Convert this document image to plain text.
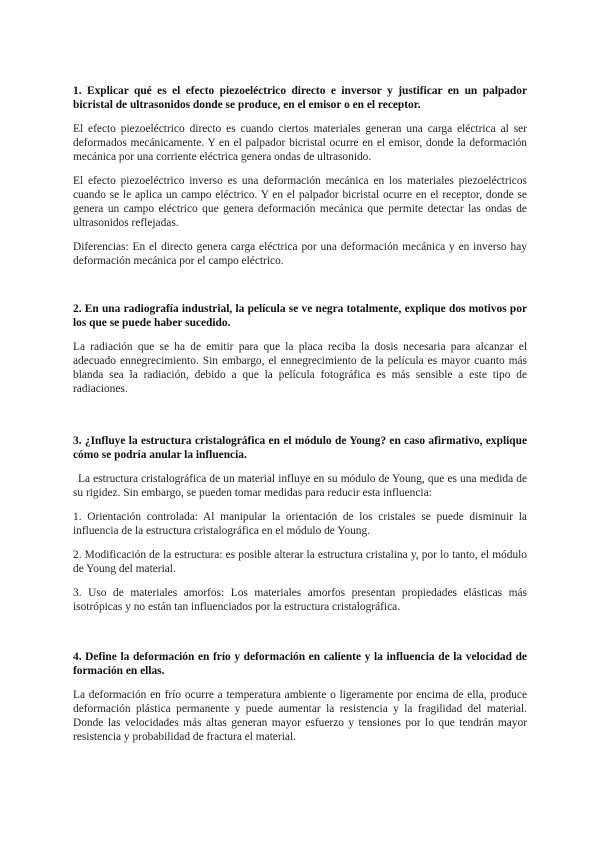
1. Explicar qué es el efecto piezoeléctrico directo e inversor y justificar en un palpador bicristal de ultrasonidos donde se produce, en el emisor o en el receptor.

El efecto piezoeléctrico directo es cuando ciertos materiales generan una carga eléctrica al ser deformados mecánicamente. Y en el palpador bicristal ocurre en el emisor, donde la deformación mecánica por una corriente eléctrica genera ondas de ultrasonido.

El efecto piezoeléctrico inverso es una deformación mecánica en los materiales piezoeléctricos cuando se le aplica un campo eléctrico. Y en el palpador bicristal ocurre en el receptor, donde se genera un campo eléctrico que genera deformación mecánica que permite detectar las ondas de ultrasonidos reflejadas.

Diferencias: En el directo genera carga eléctrica por una deformación mecánica y en inverso hay deformación mecánica por el campo eléctrico.

2. En una radiografía industrial, la película se ve negra totalmente, explique dos motivos por los que se puede haber sucedido.

La radiación que se ha de emitir para que la placa reciba la dosis necesaria para alcanzar el adecuado ennegrecimiento. Sin embargo, el ennegrecimiento de la película es mayor cuanto más blanda sea la radiación, debido a que la película fotográfica es más sensible a este tipo de radiaciones.

3. ¿Influye la estructura cristalográfica en el módulo de Young? en caso afirmativo, explique cómo se podría anular la influencia.

La estructura cristalográfica de un material influye en su módulo de Young, que es una medida de su rigidez. Sin embargo, se pueden tomar medidas para reducir esta influencia:

1. Orientación controlada: Al manipular la orientación de los cristales se puede disminuir la influencia de la estructura cristalográfica en el módulo de Young.

2. Modificación de la estructura: es posible alterar la estructura cristalina y, por lo tanto, el módulo de Young del material.

3. Uso de materiales amorfos: Los materiales amorfos presentan propiedades elásticas más isotrópicas y no están tan influenciados por la estructura cristalográfica.

4. Define la deformación en frío y deformación en caliente y la influencia de la velocidad de formación en ellas.

La deformación en frío ocurre a temperatura ambiente o ligeramente por encima de ella, produce deformación plástica permanente y puede aumentar la resistencia y la fragilidad del material. Donde las velocidades más altas generan mayor esfuerzo y tensiones por lo que tendrán mayor resistencia y probabilidad de fractura el material.
